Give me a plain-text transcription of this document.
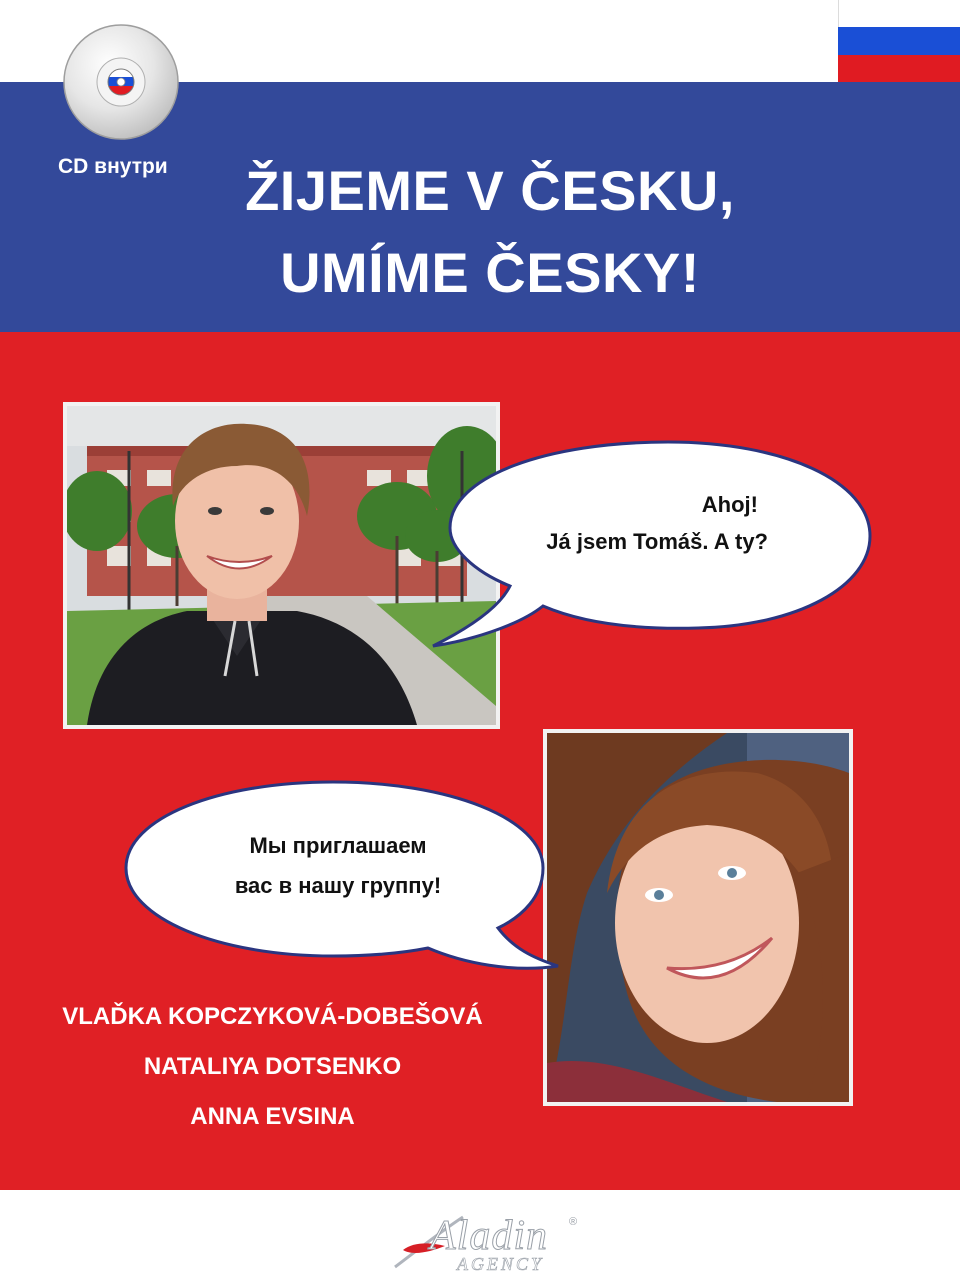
CD внутри	ŽIJEME V ČESKU,
UMÍME ČESKY!
Ahoj!
Já jsem Tomáš. A ty?
Мы приглашаем
вас в нашу группу!
VLAĎKA KOPCZYKOVÁ-DOBEŠOVÁ
NATALIYA DOTSENKO
ANNA EVSINA
Aladin
AGENCY
®
